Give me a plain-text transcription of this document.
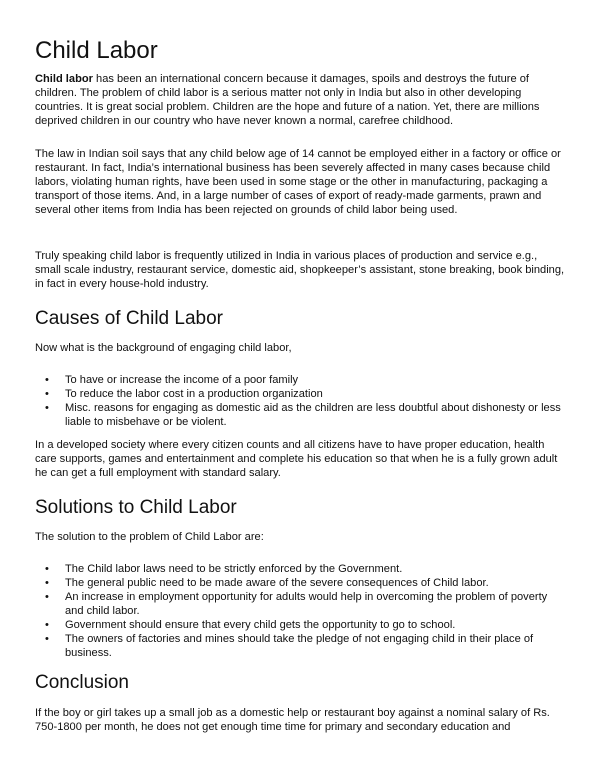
Child Labor

Child labor has been an international concern because it damages, spoils and destroys the future of children. The problem of child labor is a serious matter not only in India but also in other developing countries. It is great social problem. Children are the hope and future of a nation. Yet, there are millions deprived children in our country who have never known a normal, carefree childhood.

The law in Indian soil says that any child below age of 14 cannot be employed either in a factory or office or restaurant. In fact, India’s international business has been severely affected in many cases because child labors, violating human rights, have been used in some stage or the other in manufacturing, packaging a transport of those items. And, in a large number of cases of export of ready-made garments, prawn and several other items from India has been rejected on grounds of child labor being used.

Truly speaking child labor is frequently utilized in India in various places of production and service e.g., small scale industry, restaurant service, domestic aid, shopkeeper’s assistant, stone breaking, book binding, in fact in every house-hold industry.

Causes of Child Labor

Now what is the background of engaging child labor,

• To have or increase the income of a poor family
• To reduce the labor cost in a production organization
• Misc. reasons for engaging as domestic aid as the children are less doubtful about dishonesty or less liable to misbehave or be violent.

In a developed society where every citizen counts and all citizens have to have proper education, health care supports, games and entertainment and complete his education so that when he is a fully grown adult he can get a full employment with standard salary.

Solutions to Child Labor

The solution to the problem of Child Labor are:

• The Child labor laws need to be strictly enforced by the Government.
• The general public need to be made aware of the severe consequences of Child labor.
• An increase in employment opportunity for adults would help in overcoming the problem of poverty and child labor.
• Government should ensure that every child gets the opportunity to go to school.
• The owners of factories and mines should take the pledge of not engaging child in their place of business.
Conclusion

If the boy or girl takes up a small job as a domestic help or restaurant boy against a nominal salary of Rs. 750-1800 per month, he does not get enough time time for primary and secondary education and
